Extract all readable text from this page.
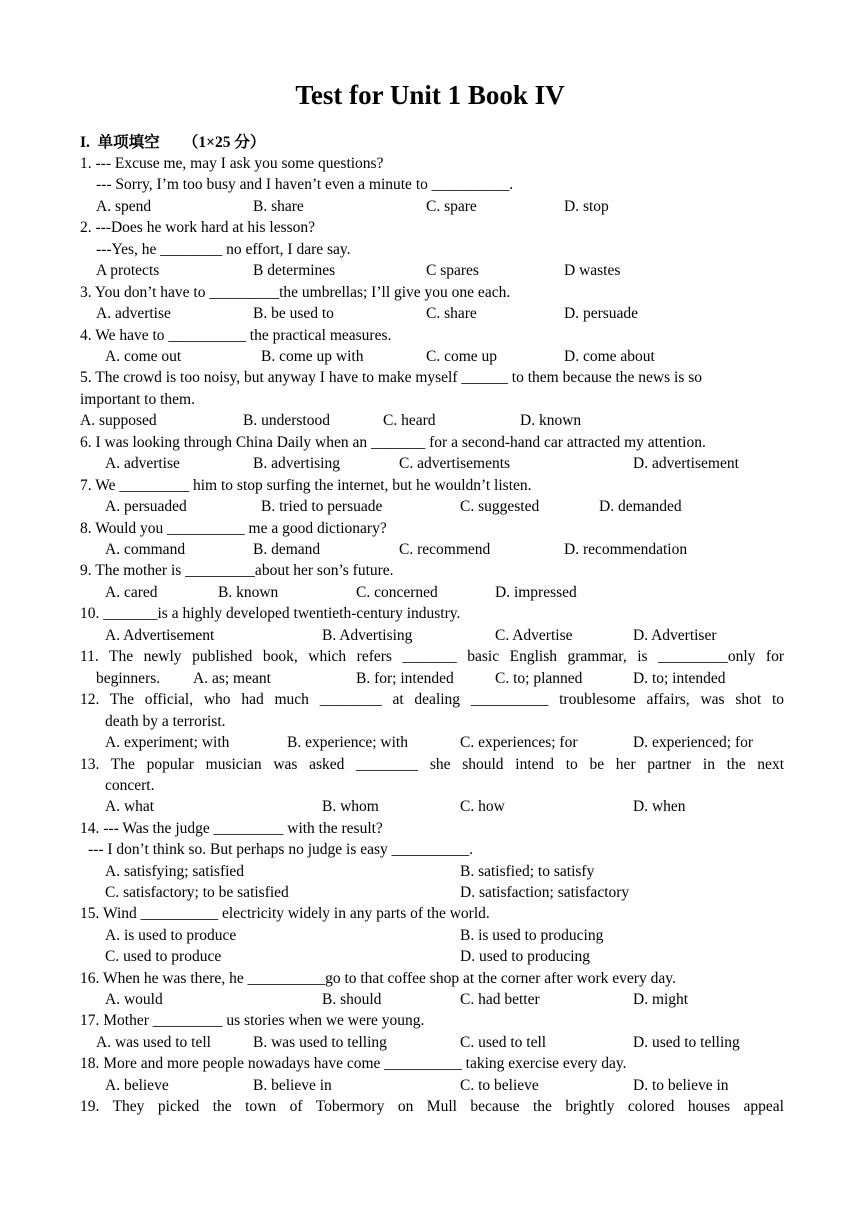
Test for Unit 1 Book IV
I.  单项填空      （1×25 分）
1. --- Excuse me, may I ask you some questions?
--- Sorry, I’m too busy and I haven’t even a minute to __________.
A. spend	B. share	C. spare	D. stop
2. ---Does he work hard at his lesson?
---Yes, he ________ no effort, I dare say.
A protects	B determines	C spares	D wastes
3. You don’t have to _________the umbrellas; I’ll give you one each.
A. advertise	B. be used to	C. share	D. persuade
4. We have to __________ the practical measures.
A. come out	B. come up with	C. come up	D. come about
5. The crowd is too noisy, but anyway I have to make myself ______ to them because the news is so
important to them.
A. supposed	B. understood	C. heard	D. known
6. I was looking through China Daily when an _______ for a second-hand car attracted my attention.
A. advertise	B. advertising	C. advertisements	D. advertisement
7. We _________ him to stop surfing the internet, but he wouldn’t listen.
A. persuaded	B. tried to persuade	C. suggested	D. demanded
8. Would you __________ me a good dictionary?
A. command	B. demand	C. recommend	D. recommendation
9. The mother is _________about her son’s future.
A. cared	B. known	C. concerned	D. impressed
10. _______is a highly developed twentieth-century industry.
A. Advertisement	B. Advertising	C. Advertise	D. Advertiser
11. The newly published book, which refers _______ basic English grammar, is _________only for
beginners. A. as; meant	B. for; intended	C. to; planned	D. to; intended
12. The official, who had much ________ at dealing __________ troublesome affairs, was shot to
death by a terrorist.
A. experiment; with	B. experience; with	C. experiences; for	D. experienced; for
13. The popular musician was asked ________ she should intend to be her partner in the next
concert.
A. what	B. whom	C. how	D. when
14. --- Was the judge _________ with the result?
--- I don’t think so. But perhaps no judge is easy __________.
A. satisfying; satisfied	B. satisfied; to satisfy
C. satisfactory; to be satisfied	D. satisfaction; satisfactory
15. Wind __________ electricity widely in any parts of the world.
A. is used to produce	B. is used to producing
C. used to produce	D. used to producing
16. When he was there, he __________go to that coffee shop at the corner after work every day.
A. would	B. should	C. had better	D. might
17. Mother _________ us stories when we were young.
A. was used to tell	B. was used to telling	C. used to tell	D. used to telling
18. More and more people nowadays have come __________ taking exercise every day.
A. believe	B. believe in	C. to believe	D. to believe in
19. They picked the town of Tobermory on Mull because the brightly colored houses appeal
